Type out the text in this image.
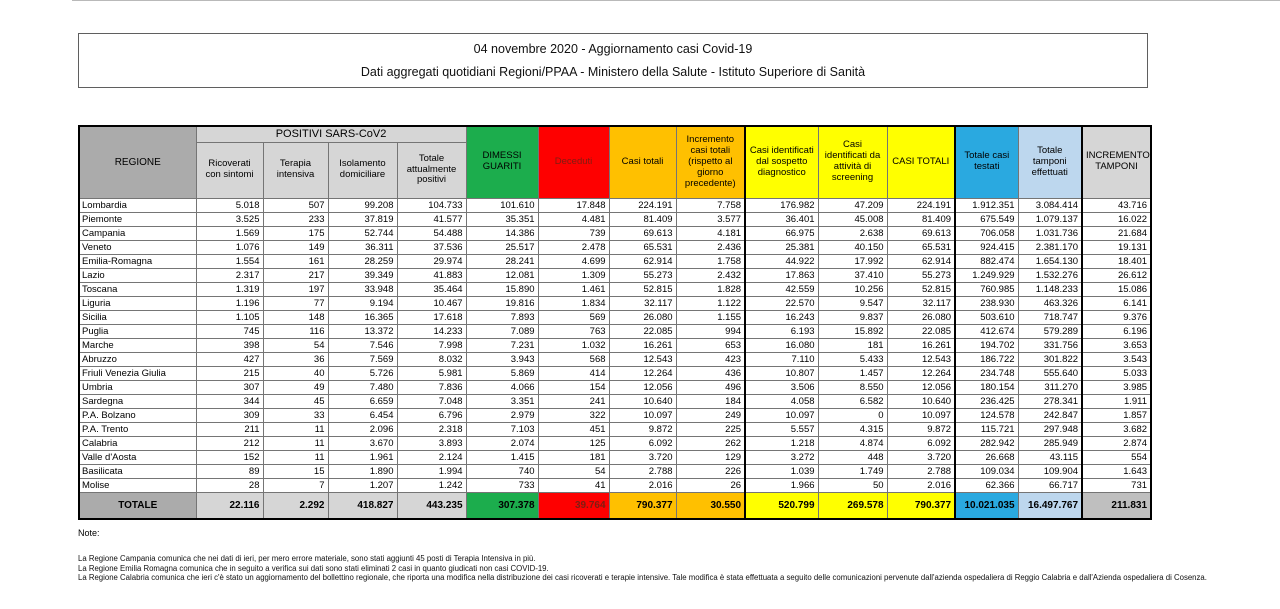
04 novembre 2020 - Aggiornamento casi Covid-19
Dati aggregati quotidiani Regioni/PPAA - Ministero della Salute - Istituto Superiore di Sanità
REGIONE	POSITIVI SARS-CoV2				DIMESSI GUARITI	Deceduti	Casi totali	Incremento casi totali (rispetto al giorno precedente)	Casi identificati dal sospetto diagnostico	Casi identificati da attività di screening	CASI TOTALI	Totale casi testati	Totale tamponi effettuati	INCREMENTO TAMPONI
	Ricoverati con sintomi	Terapia intensiva	Isolamento domiciliare	Totale attualmente positivi										
Lombardia	5.018	507	99.208	104.733	101.610	17.848	224.191	7.758	176.982	47.209	224.191	1.912.351	3.084.414	43.716
Piemonte	3.525	233	37.819	41.577	35.351	4.481	81.409	3.577	36.401	45.008	81.409	675.549	1.079.137	16.022
Campania	1.569	175	52.744	54.488	14.386	739	69.613	4.181	66.975	2.638	69.613	706.058	1.031.736	21.684
Veneto	1.076	149	36.311	37.536	25.517	2.478	65.531	2.436	25.381	40.150	65.531	924.415	2.381.170	19.131
Emilia-Romagna	1.554	161	28.259	29.974	28.241	4.699	62.914	1.758	44.922	17.992	62.914	882.474	1.654.130	18.401
Lazio	2.317	217	39.349	41.883	12.081	1.309	55.273	2.432	17.863	37.410	55.273	1.249.929	1.532.276	26.612
Toscana	1.319	197	33.948	35.464	15.890	1.461	52.815	1.828	42.559	10.256	52.815	760.985	1.148.233	15.086
Liguria	1.196	77	9.194	10.467	19.816	1.834	32.117	1.122	22.570	9.547	32.117	238.930	463.326	6.141
Sicilia	1.105	148	16.365	17.618	7.893	569	26.080	1.155	16.243	9.837	26.080	503.610	718.747	9.376
Puglia	745	116	13.372	14.233	7.089	763	22.085	994	6.193	15.892	22.085	412.674	579.289	6.196
Marche	398	54	7.546	7.998	7.231	1.032	16.261	653	16.080	181	16.261	194.702	331.756	3.653
Abruzzo	427	36	7.569	8.032	3.943	568	12.543	423	7.110	5.433	12.543	186.722	301.822	3.543
Friuli Venezia Giulia	215	40	5.726	5.981	5.869	414	12.264	436	10.807	1.457	12.264	234.748	555.640	5.033
Umbria	307	49	7.480	7.836	4.066	154	12.056	496	3.506	8.550	12.056	180.154	311.270	3.985
Sardegna	344	45	6.659	7.048	3.351	241	10.640	184	4.058	6.582	10.640	236.425	278.341	1.911
P.A. Bolzano	309	33	6.454	6.796	2.979	322	10.097	249	10.097	0	10.097	124.578	242.847	1.857
P.A. Trento	211	11	2.096	2.318	7.103	451	9.872	225	5.557	4.315	9.872	115.721	297.948	3.682
Calabria	212	11	3.670	3.893	2.074	125	6.092	262	1.218	4.874	6.092	282.942	285.949	2.874
Valle d'Aosta	152	11	1.961	2.124	1.415	181	3.720	129	3.272	448	3.720	26.668	43.115	554
Basilicata	89	15	1.890	1.994	740	54	2.788	226	1.039	1.749	2.788	109.034	109.904	1.643
Molise	28	7	1.207	1.242	733	41	2.016	26	1.966	50	2.016	62.366	66.717	731
TOTALE	22.116	2.292	418.827	443.235	307.378	39.764	790.377	30.550	520.799	269.578	790.377	10.021.035	16.497.767	211.831
Note:
La Regione Campania comunica che nei dati di ieri, per mero errore materiale, sono stati aggiunti 45 posti di Terapia Intensiva in più.
La Regione Emilia Romagna comunica che in seguito a verifica sui dati sono stati eliminati 2 casi in quanto giudicati non casi COVID-19.
La Regione Calabria comunica che ieri c'è stato un aggiornamento del bollettino regionale, che riporta una modifica nella distribuzione dei casi ricoverati e terapie intensive. Tale modifica è stata effettuata a seguito delle comunicazioni pervenute dall'azienda ospedaliera di Reggio Calabria e dall'Azienda ospedaliera di Cosenza.
